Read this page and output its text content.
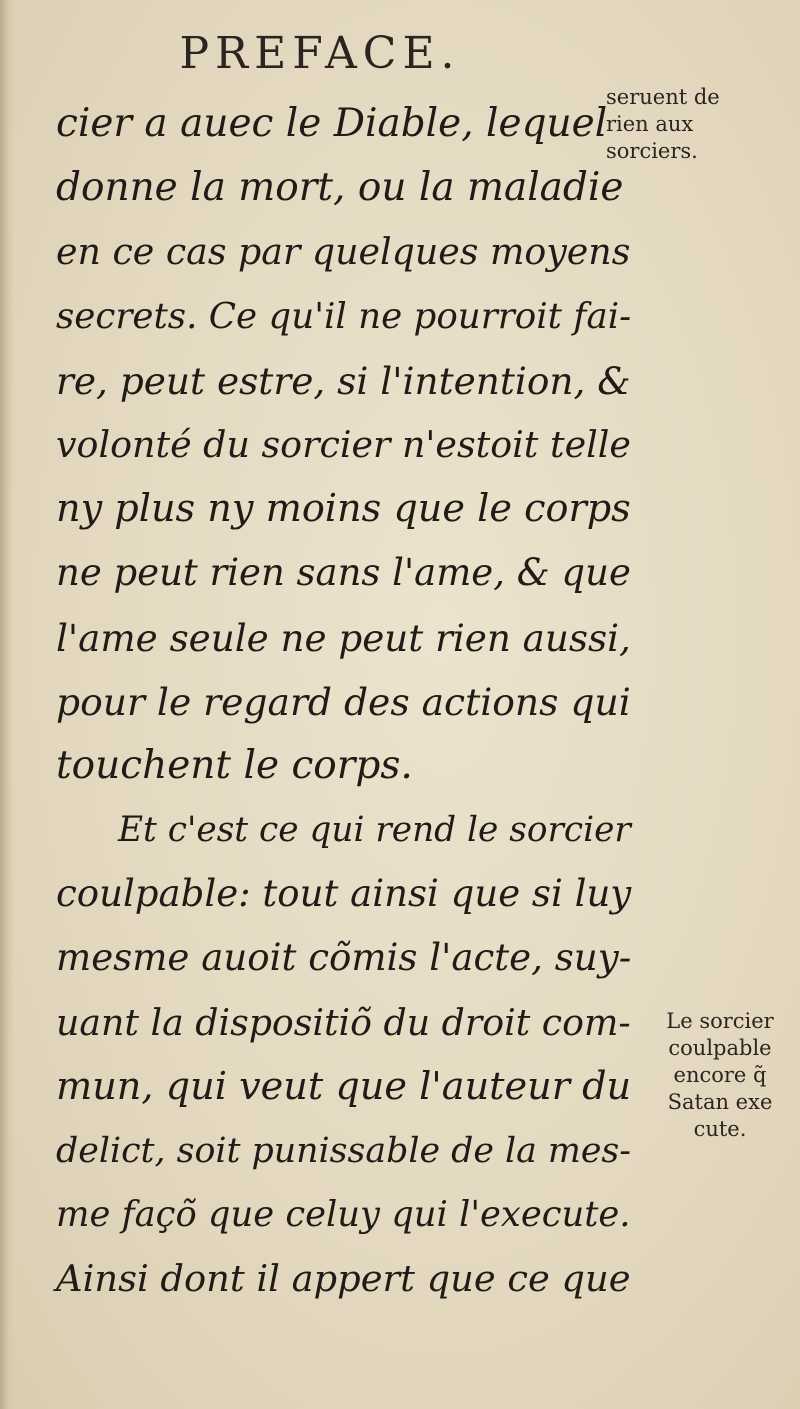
PREFACE.
seruent de
rien aux
sorciers.
Le sorcier
coulpable
encore q̃
Satan exe
cute.
cier a auec le Diable, lequel
donne la mort, ou la maladie
en ce cas par quelques moyens
secrets. Ce qu'il ne pourroit fai-
re, peut estre, si l'intention, &
volonté du sorcier n'estoit telle
ny plus ny moins que le corps
ne peut rien sans l'ame, & que
l'ame seule ne peut rien aussi,
pour le regard des actions qui
touchent le corps.
Et c'est ce qui rend le sorcier
coulpable: tout ainsi que si luy
mesme auoit cõmis l'acte, suy-
uant la dispositiõ du droit com-
mun, qui veut que l'auteur du
delict, soit punissable de la mes-
me façõ que celuy qui l'execute.
Ainsi dont il appert que ce que
